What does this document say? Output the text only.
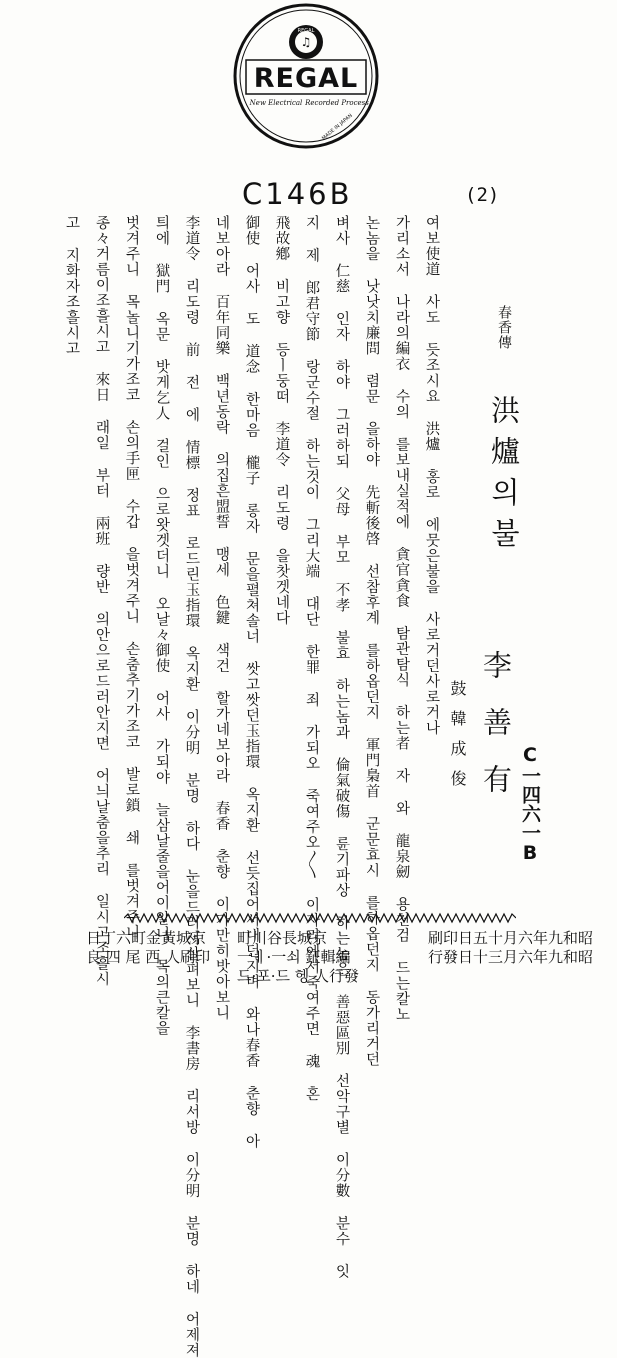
REGAL
♫
REGAL
New Electrical Recorded Process
MADE IN JAPAN
C146B	(2)
春香傳
洪爐의불
李善有
鼓韓成俊	C一四六一B
여보使道 사도 듯조시요 洪爐 홍로 에뭇은불을 사로거던사로거나
가리소서 나라의編衣 수의 를보내실적에 貪官貪食 탐관탐식 하는者 자 와 龍泉劒 용천검 드는칼노
논놈을 낫낫치廉問 렴문 을하야 先斬後啓 선참후계 를하옵던지 軍門梟首 군문효시 를하옵던지 동가리거던
벼사 仁慈 인자 하야 그러하되 父母 부모 不孝 불효 하는놈과 倫氣破傷 륜기파상 하는놈은 善惡區別 선악구별 이分數 분수 잇
지 제 郎君守節 랑군수절 하는것이 그리大端 대단 한罪 죄 가되오 죽여주오〳〵 이자리에서죽여주면 魂 혼
飛故鄕 비고향 등ㅣ둥떠 李道令 리도령 을찻겟네다
御使 어사 도 道念 한마음 櫳子 롱자 문을펼쳐솔너 쌋고쌋던玉指環 옥지환 선듯집어서내던지며 와나春香 춘향 아
네보아라 百年同樂 백년동락 의집흔盟誓 맹세 色鍵 색건 할가네보아라 春香 춘향 이가만히밧아보니
李道令 리도령 前 전 에 情標 정표 로드린玉指環 옥지환 이分明 분명 하다 눈을드러서살펴보니 李書房 리서방 이分明 분명 하네 어제져
틔에 獄門 옥문 밧게乞人 걸인 으로왓겟더니 오날々御使 어사 가되야 늘삼날줄을어이알니 목의큰칼을
벗겨주니 목놀니기가조코 손의手匣 수갑 을벗겨주니 손춤추기가조코 발로鎖 쇄 를벗겨주니
종々거름이조흘시고 來日 래일 부터 兩班 량반 의안으로드러안지면 어늬날춤을추리 일시고조흘시
고 지화자조흘시고
日丁六町金黃城京
良 四 尾 西 人刷印
町川谷長城京
一ㅖ·一쇠 鉦輯編
드·포·드 헹 人行發
刷印日五十月六年九和昭
行發日十三月六年九和昭
